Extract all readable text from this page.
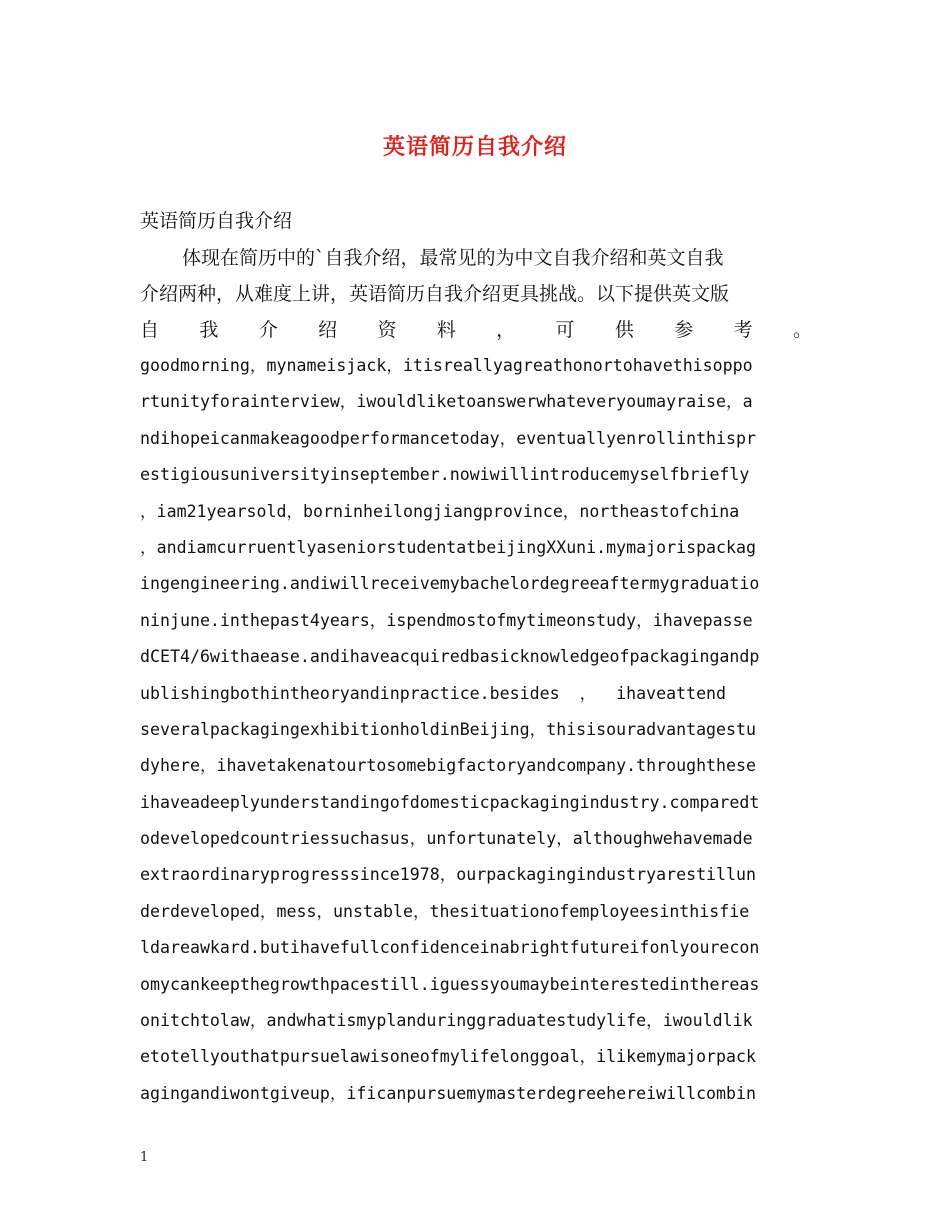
英语简历自我介绍
英语简历自我介绍
体现在简历中的`自我介绍，最常见的为中文自我介绍和英文自我
介绍两种，从难度上讲，英语简历自我介绍更具挑战。以下提供英文版
自 我 介 绍 资 料 ， 可 供 参 考 。
goodmorning，mynameisjack，itisreallyagreathonortohavethisoppo
rtunityforainterview，iwouldliketoanswerwhateveryoumayraise，a
ndihopeicanmakeagoodperformancetoday，eventuallyenrollinthispr
estigiousuniversityinseptember.nowiwillintroducemyselfbriefly
，iam21yearsold，borninheilongjiangprovince，northeastofchina
，andiamcurruentlyaseniorstudentatbeijingXXuni.mymajorispackag
ingengineering.andiwillreceivemybachelordegreeaftermygraduatio
ninjune.inthepast4years，ispendmostofmytimeonstudy，ihavepasse
dCET4/6withaease.andihaveacquiredbasicknowledgeofpackagingandp
ublishingbothintheoryandinpractice.besides  ，  ihaveattend
severalpackagingexhibitionholdinBeijing，thisisouradvantagestu
dyhere，ihavetakenatourtosomebigfactoryandcompany.throughthese
ihaveadeeplyunderstandingofdomesticpackagingindustry.comparedt
odevelopedcountriessuchasus，unfortunately，althoughwehavemade
extraordinaryprogresssince1978，ourpackagingindustryarestillun
derdeveloped，mess，unstable，thesituationofemployeesinthisfie
ldareawkard.butihavefullconfidenceinabrightfutureifonlyourecon
omycankeepthegrowthpacestill.iguessyoumaybeinterestedinthereas
onitchtolaw，andwhatismyplanduringgraduatestudylife，iwouldlik
etotellyouthatpursuelawisoneofmylifelonggoal，ilikemymajorpack
agingandiwontgiveup，ificanpursuemymasterdegreehereiwillcombin
1
